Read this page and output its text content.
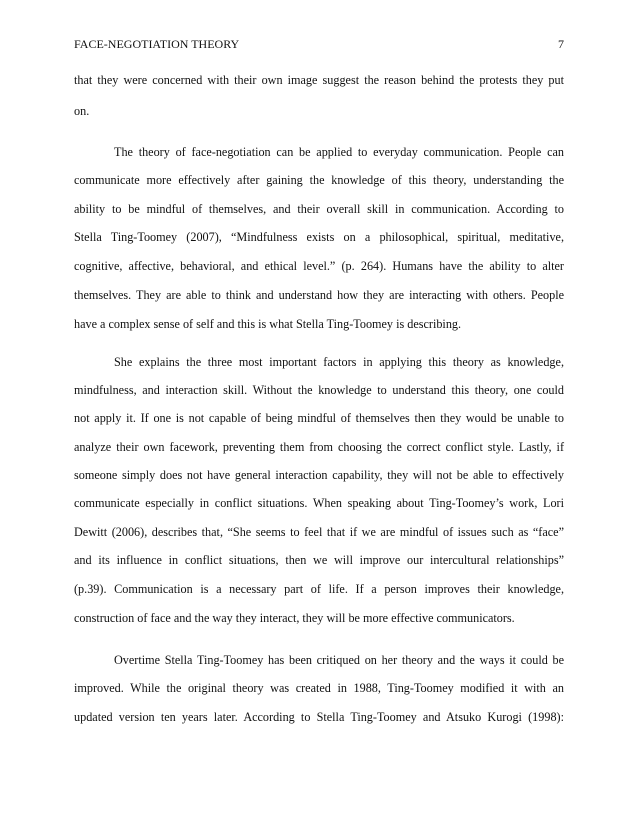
FACE-NEGOTIATION THEORY	7
that they were concerned with their own image suggest the reason behind the protests they put
on.
The theory of face-negotiation can be applied to everyday communication. People can
communicate more effectively after gaining the knowledge of this theory, understanding the
ability to be mindful of themselves, and their overall skill in communication. According to
Stella Ting-Toomey (2007), “Mindfulness exists on a philosophical, spiritual, meditative,
cognitive, affective, behavioral, and ethical level.” (p. 264). Humans have the ability to alter
themselves. They are able to think and understand how they are interacting with others. People
have a complex sense of self and this is what Stella Ting-Toomey is describing.
She explains the three most important factors in applying this theory as knowledge,
mindfulness, and interaction skill. Without the knowledge to understand this theory, one could
not apply it. If one is not capable of being mindful of themselves then they would be unable to
analyze their own facework, preventing them from choosing the correct conflict style. Lastly, if
someone simply does not have general interaction capability, they will not be able to effectively
communicate especially in conflict situations. When speaking about Ting-Toomey’s work, Lori
Dewitt (2006), describes that, “She seems to feel that if we are mindful of issues such as “face”
and its influence in conflict situations, then we will improve our intercultural relationships”
(p.39). Communication is a necessary part of life. If a person improves their knowledge,
construction of face and the way they interact, they will be more effective communicators.
Overtime Stella Ting-Toomey has been critiqued on her theory and the ways it could be
improved. While the original theory was created in 1988, Ting-Toomey modified it with an
updated version ten years later. According to Stella Ting-Toomey and Atsuko Kurogi (1998):
